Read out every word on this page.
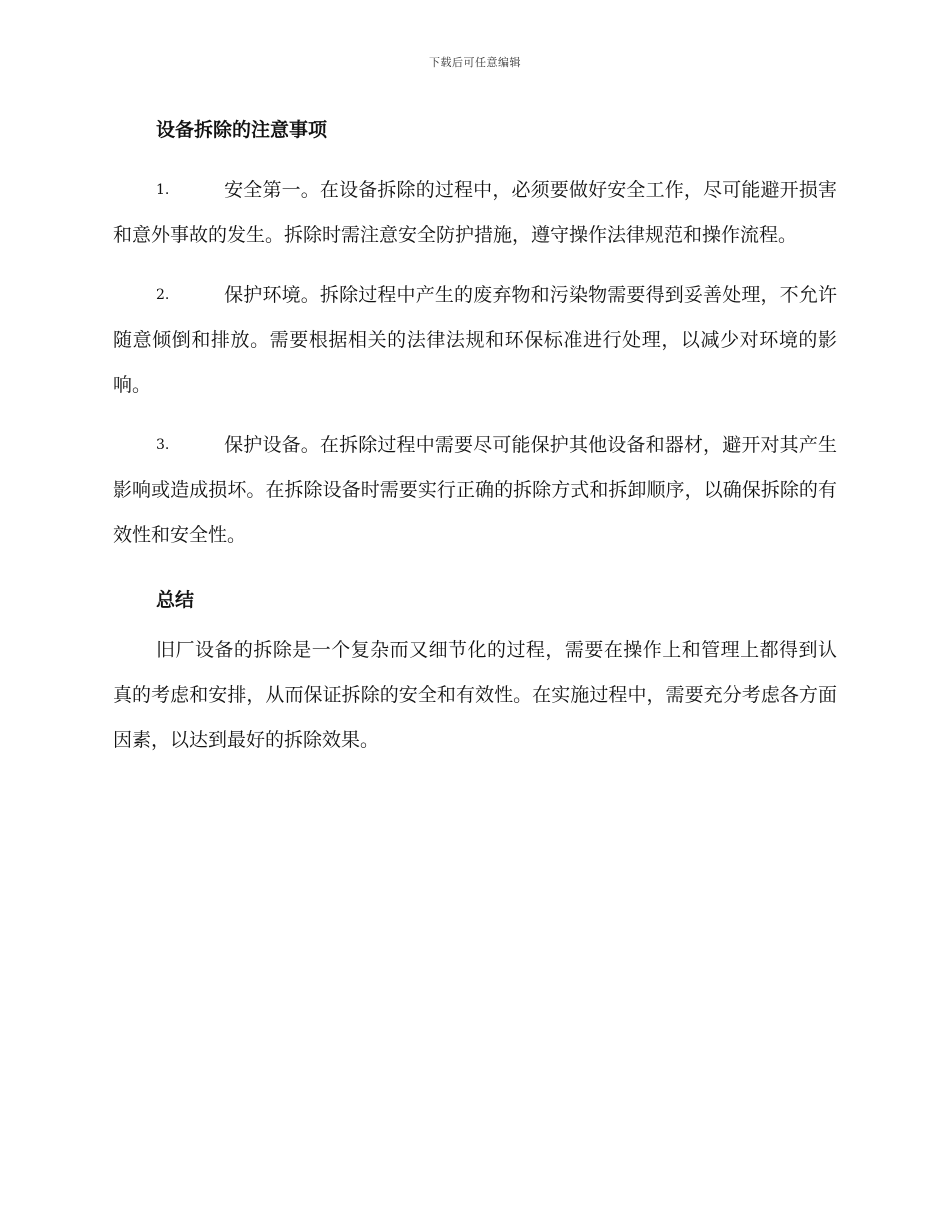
下载后可任意编辑
设备拆除的注意事项

1.	安全第一。在设备拆除的过程中，必须要做好安全工作，尽可能避开损害和意外事故的发生。拆除时需注意安全防护措施，遵守操作法律规范和操作流程。

2.	保护环境。拆除过程中产生的废弃物和污染物需要得到妥善处理，不允许随意倾倒和排放。需要根据相关的法律法规和环保标准进行处理，以减少对环境的影响。

3.	保护设备。在拆除过程中需要尽可能保护其他设备和器材，避开对其产生影响或造成损坏。在拆除设备时需要实行正确的拆除方式和拆卸顺序，以确保拆除的有效性和安全性。

总结

旧厂设备的拆除是一个复杂而又细节化的过程，需要在操作上和管理上都得到认真的考虑和安排，从而保证拆除的安全和有效性。在实施过程中，需要充分考虑各方面因素，以达到最好的拆除效果。
